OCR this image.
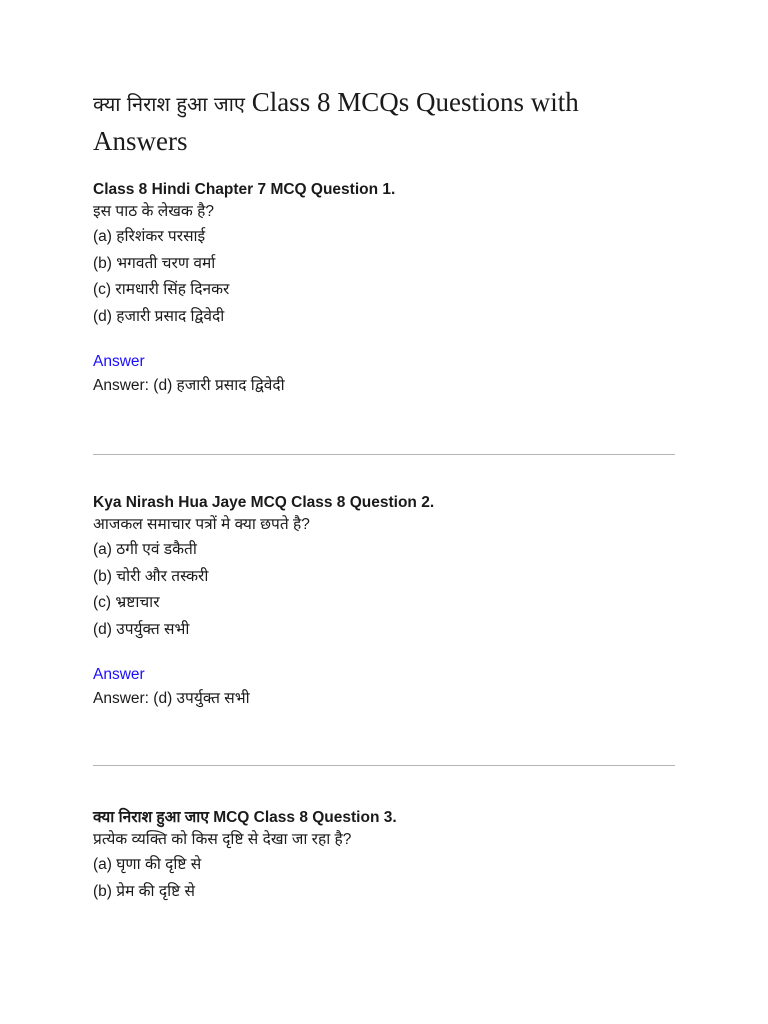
क्या निराश हुआ जाए Class 8 MCQs Questions with Answers

Class 8 Hindi Chapter 7 MCQ Question 1.

इस पाठ के लेखक है?

(a) हरिशंकर परसाई

(b) भगवती चरण वर्मा

(c) रामधारी सिंह दिनकर

(d) हजारी प्रसाद द्विवेदी

Answer

Answer: (d) हजारी प्रसाद द्विवेदी

Kya Nirash Hua Jaye MCQ Class 8 Question 2.

आजकल समाचार पत्रों मे क्या छपते है?

(a) ठगी एवं डकैती

(b) चोरी और तस्करी

(c) भ्रष्टाचार

(d) उपर्युक्त सभी

Answer

Answer: (d) उपर्युक्त सभी

क्या निराश हुआ जाए MCQ Class 8 Question 3.

प्रत्येक व्यक्ति को किस दृष्टि से देखा जा रहा है?

(a) घृणा की दृष्टि से

(b) प्रेम की दृष्टि से
